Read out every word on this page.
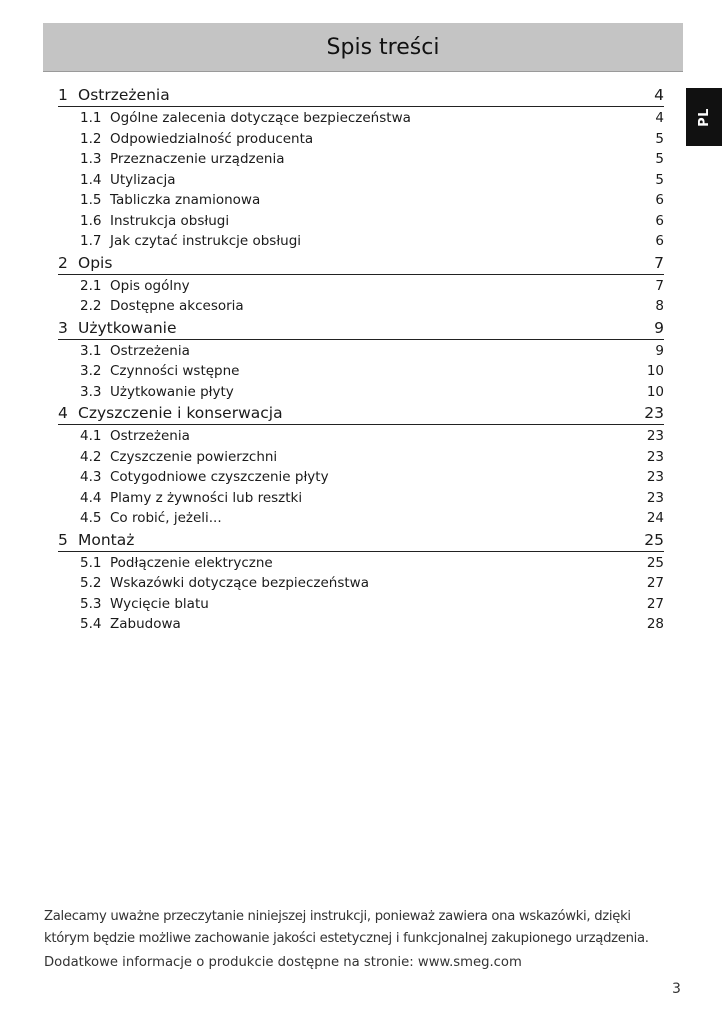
Spis treści
PL
1 Ostrzeżenia	4
1.1 Ogólne zalecenia dotyczące bezpieczeństwa	4
1.2 Odpowiedzialność producenta	5
1.3 Przeznaczenie urządzenia	5
1.4 Utylizacja	5
1.5 Tabliczka znamionowa	6
1.6 Instrukcja obsługi	6
1.7 Jak czytać instrukcje obsługi	6
2 Opis	7
2.1 Opis ogólny	7
2.2 Dostępne akcesoria	8
3 Użytkowanie	9
3.1 Ostrzeżenia	9
3.2 Czynności wstępne	10
3.3 Użytkowanie płyty	10
4 Czyszczenie i konserwacja	23
4.1 Ostrzeżenia	23
4.2 Czyszczenie powierzchni	23
4.3 Cotygodniowe czyszczenie płyty	23
4.4 Plamy z żywności lub resztki	23
4.5 Co robić, jeżeli...	24
5 Montaż	25
5.1 Podłączenie elektryczne	25
5.2 Wskazówki dotyczące bezpieczeństwa	27
5.3 Wycięcie blatu	27
5.4 Zabudowa	28

Zalecamy uważne przeczytanie niniejszej instrukcji, ponieważ zawiera ona wskazówki, dzięki

którym będzie możliwe zachowanie jakości estetycznej i funkcjonalnej zakupionego urządzenia.

Dodatkowe informacje o produkcie dostępne na stronie: www.smeg.com

3
